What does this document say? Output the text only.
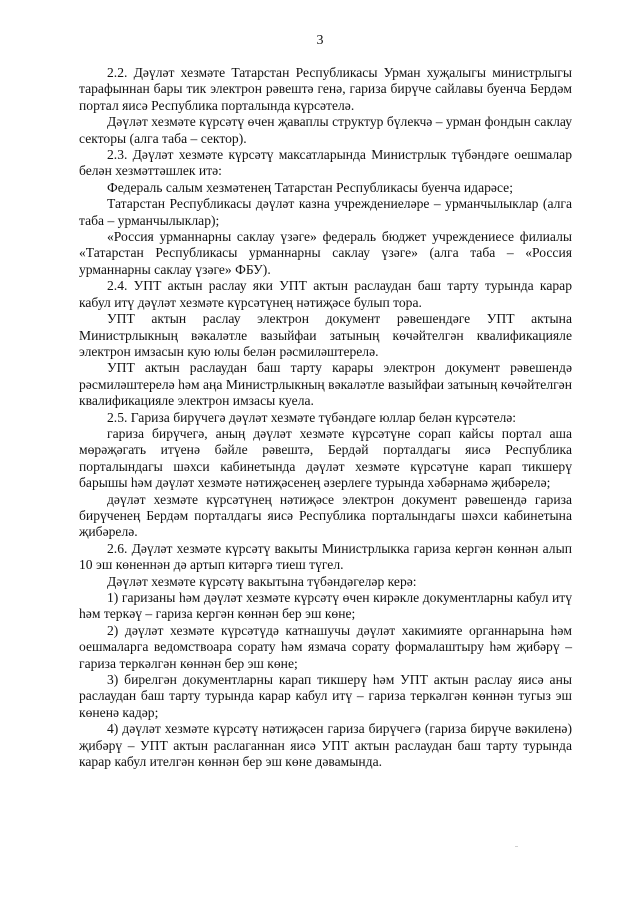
3

2.2. Дәүләт хезмәте Татарстан Республикасы Урман хуҗалыгы министрлыгы тарафыннан бары тик электрон рәвештә генә, гариза бирүче сайлавы буенча Бердәм портал яисә Республика порталында күрсәтелә.

Дәүләт хезмәте күрсәтү өчен җаваплы структур бүлекчә – урман фондын саклау секторы (алга таба – сектор).

2.3. Дәүләт хезмәте күрсәтү максатларында Министрлык түбәндәге оешмалар белән хезмәттәшлек итә:

Федераль салым хезмәтенең Татарстан Республикасы буенча идарәсе;

Татарстан Республикасы дәүләт казна учреждениеләре – урманчылыклар (алга таба – урманчылыклар);

«Россия урманнарны саклау үзәге» федераль бюджет учреждениесе филиалы «Татарстан Республикасы урманнарны саклау үзәге» (алга таба – «Россия урманнарны саклау үзәге» ФБУ).

2.4. УПТ актын раслау яки УПТ актын раслаудан баш тарту турында карар кабул итү дәүләт хезмәте күрсәтүнең нәтиҗәсе булып тора.

УПТ актын раслау электрон документ рәвешендәге УПТ актына Министрлыкның вәкаләтле вазыйфаи затының көчәйтелгән квалификацияле электрон имзасын кую юлы белән рәсмиләштерелә.

УПТ актын раслаудан баш тарту карары электрон документ рәвешендә рәсмиләштерелә һәм аңа Министрлыкның вәкаләтле вазыйфаи затының көчәйтелгән квалификацияле электрон имзасы куела.

2.5. Гариза бирүчегә дәүләт хезмәте түбәндәге юллар белән күрсәтелә:

гариза бирүчегә, аның дәүләт хезмәте күрсәтүне сорап кайсы портал аша мөрәҗәгать итүенә бәйле рәвештә, Бердәй порталдагы яисә Республика порталындагы шәхси кабинетында дәүләт хезмәте күрсәтүне карап тикшерү барышы һәм дәүләт хезмәте нәтиҗәсенең әзерлеге турында хәбәрнамә җибәрелә;

дәүләт хезмәте күрсәтүнең нәтиҗәсе электрон документ рәвешендә гариза бирүченең Бердәм порталдагы яисә Республика порталындагы шәхси кабинетына җибәрелә.

2.6. Дәүләт хезмәте күрсәтү вакыты Министрлыкка гариза кергән көннән алып 10 эш көненнән дә артып китәргә тиеш түгел.

Дәүләт хезмәте күрсәтү вакытына түбәндәгеләр керә:

1) гаризаны һәм дәүләт хезмәте күрсәтү өчен кирәкле документларны кабул итү һәм теркәү – гариза кергән көннән бер эш көне;

2) дәүләт хезмәте күрсәтүдә катнашучы дәүләт хакимияте органнарына һәм оешмаларга ведомствоара сорату һәм язмача сорату формалаштыру һәм җибәрү – гариза теркәлгән көннән бер эш көне;

3) бирелгән документларны карап тикшерү һәм УПТ актын раслау яисә аны раслаудан баш тарту турында карар кабул итү – гариза теркәлгән көннән тугыз эш көненә кадәр;

4) дәүләт хезмәте күрсәтү нәтиҗәсен гариза бирүчегә (гариза бирүче вәкиленә) җибәрү – УПТ актын раслаганнан яисә УПТ актын раслаудан баш тарту турында карар кабул ителгән көннән бер эш көне дәвамында.
